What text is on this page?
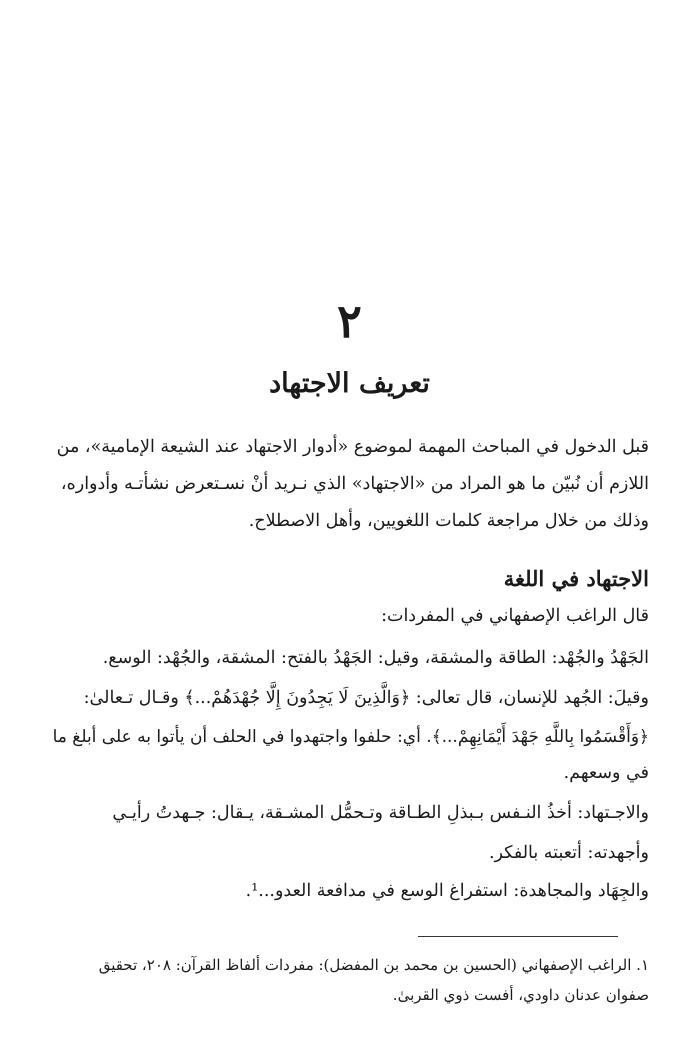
٢
تعريف الاجتهاد
قبل الدخول في المباحث المهمة لموضوع «أدوار الاجتهاد عند الشيعة الإمامية»، من
اللازم أن نُبيّن ما هو المراد من «الاجتهاد» الذي نـريد أنْ نسـتعرض نشأتـه وأدواره،
وذلك من خلال مراجعة كلمات اللغويين، وأهل الاصطلاح.
الاجتهاد في اللغة
قال الراغب الإصفهاني في المفردات:
الجَهْدُ والجُهْد: الطاقة والمشقة، وقيل: الجَهْدُ بالفتح: المشقة، والجُهْد: الوسع.
وقيلَ: الجُهد للإنسان، قال تعالى: ﴿وَالَّذِينَ لَا يَجِدُونَ إِلَّا جُهْدَهُمْ...﴾ وقـال تـعالىٰ:
﴿وَأَقْسَمُوا بِاللَّهِ جَهْدَ أَيْمَانِهِمْ...﴾. أي: حلفوا واجتهدوا في الحلف أن يأتوا به على أبلغ ما
في وسعهم.
والاجـتهاد: أخذُ النـفس بـبذلِ الطـاقة وتـحمُّل المشـقة، يـقال: جـهدتُ رأيـي
وأجهدته: أتعبته بالفكر.
والجِهَاد والمجاهدة: استفراغ الوسع في مدافعة العدو...¹.
١. الراغب الإصفهاني (الحسين بن محمد بن المفضل): مفردات ألفاظ القرآن: ٢٠٨، تحقيق
صفوان عدنان داودي، أفست ذوي القربىٰ.
